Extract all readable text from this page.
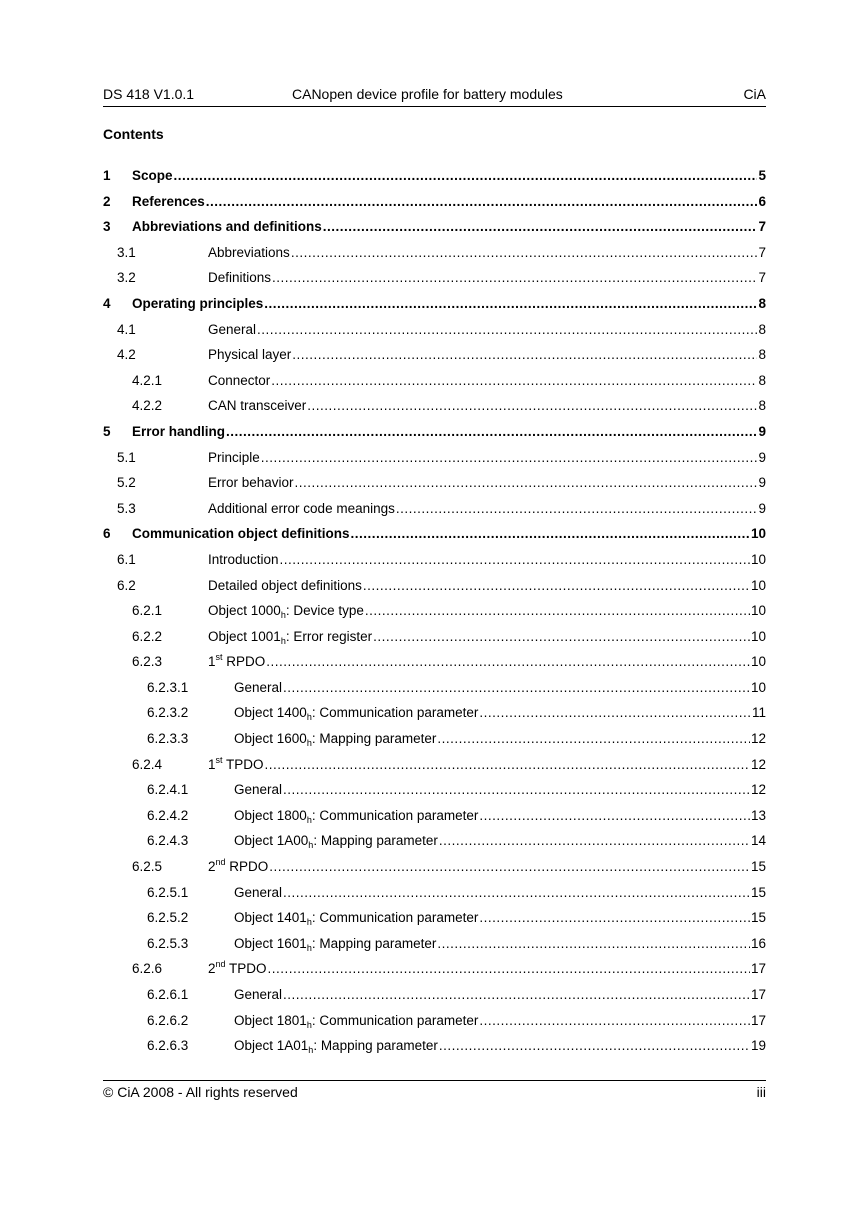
DS 418 V1.0.1	CANopen device profile for battery modules	CiA
Contents
1 Scope .....	5
2 References .....	6
3 Abbreviations and definitions .....	7
3.1	Abbreviations .....	7
3.2	Definitions .....	7
4 Operating principles .....	8
4.1	General .....	8
4.2	Physical layer .....	8
4.2.1	Connector .....	8
4.2.2	CAN transceiver .....	8
5 Error handling .....	9
5.1	Principle .....	9
5.2	Error behavior .....	9
5.3	Additional error code meanings .....	9
6 Communication object definitions .....	10
6.1	Introduction .....	10
6.2	Detailed object definitions .....	10
6.2.1	Object $1000_h$: Device type .....	10
6.2.2	Object $1001_h$: Error register .....	10
6.2.3	1st RPDO .....	10
6.2.3.1	General .....	10
6.2.3.2	Object $1400_h$: Communication parameter .....	11
6.2.3.3	Object $1600_h$: Mapping parameter .....	12
6.2.4	1st TPDO .....	12
6.2.4.1	General .....	12
6.2.4.2	Object $1800_h$: Communication parameter .....	13
6.2.4.3	Object $1A00_h$: Mapping parameter .....	14
6.2.5	2nd RPDO .....	15
6.2.5.1	General .....	15
6.2.5.2	Object $1401_h$: Communication parameter .....	15
6.2.5.3	Object $1601_h$: Mapping parameter .....	16
6.2.6	2nd TPDO .....	17
6.2.6.1	General .....	17
6.2.6.2	Object $1801_h$: Communication parameter .....	17
6.2.6.3	Object $1A01_h$: Mapping parameter .....	19
© CiA 2008 - All rights reserved	iii
